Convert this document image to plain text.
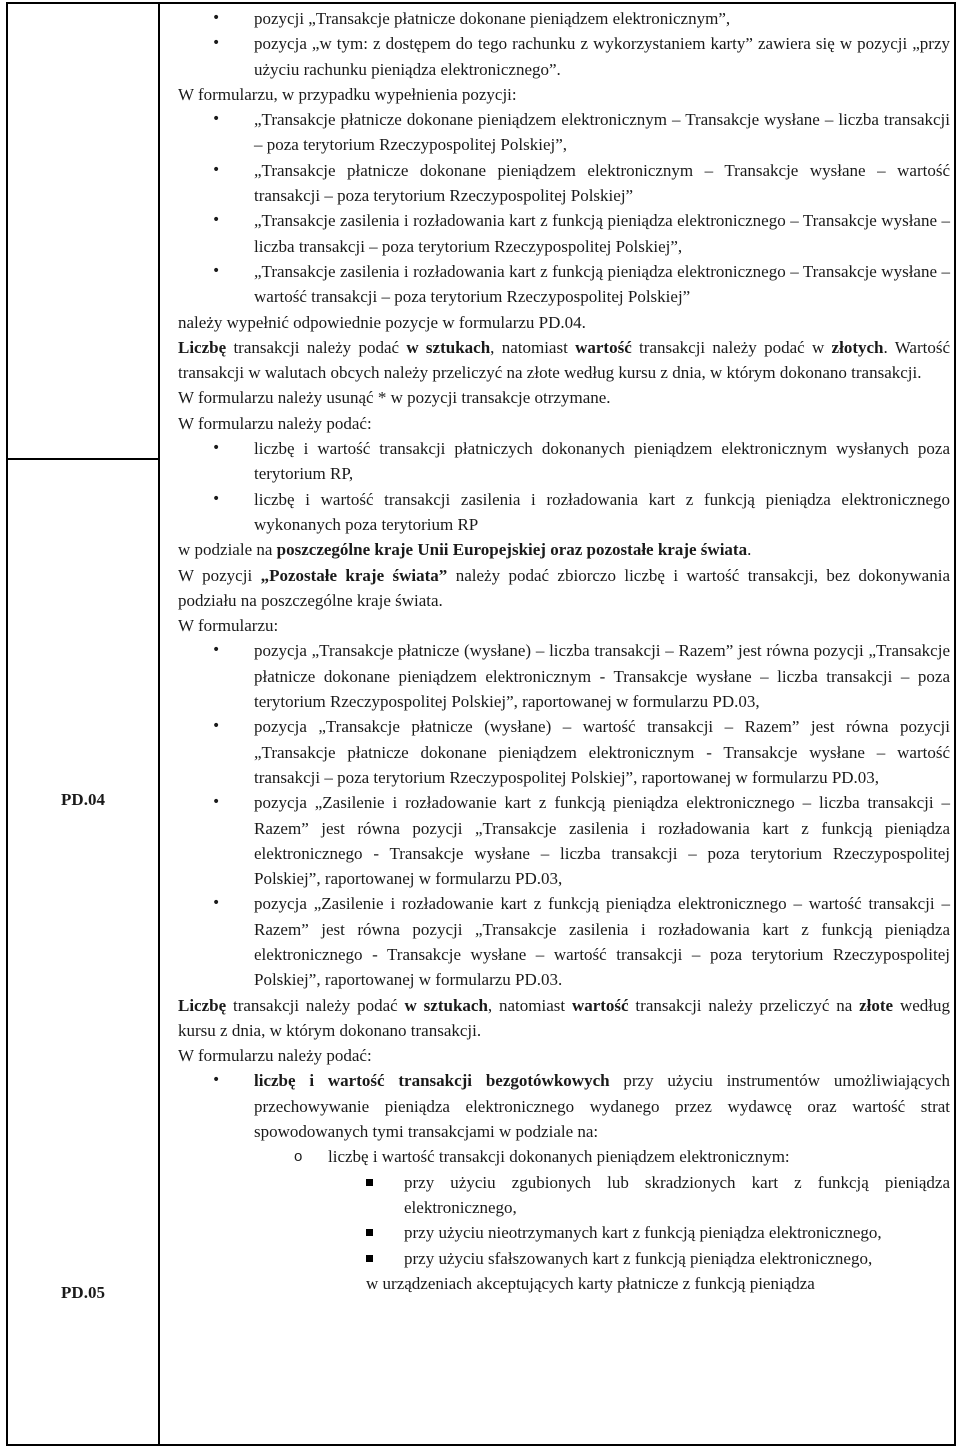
PD.04
PD.05

• pozycji „Transakcje płatnicze dokonane pieniądzem elektronicznym”,

• pozycja „w tym: z dostępem do tego rachunku z wykorzystaniem karty” zawiera się w pozycji „przy użyciu rachunku pieniądza elektronicznego”.

W formularzu, w przypadku wypełnienia pozycji:

• „Transakcje płatnicze dokonane pieniądzem elektronicznym – Transakcje wysłane – liczba transakcji – poza terytorium Rzeczypospolitej Polskiej”,

• „Transakcje płatnicze dokonane pieniądzem elektronicznym – Transakcje wysłane – wartość transakcji – poza terytorium Rzeczypospolitej Polskiej”

• „Transakcje zasilenia i rozładowania kart z funkcją pieniądza elektronicznego – Transakcje wysłane – liczba transakcji – poza terytorium Rzeczypospolitej Polskiej”,

• „Transakcje zasilenia i rozładowania kart z funkcją pieniądza elektronicznego – Transakcje wysłane – wartość transakcji – poza terytorium Rzeczypospolitej Polskiej”

należy wypełnić odpowiednie pozycje w formularzu PD.04.

Liczbę transakcji należy podać w sztukach, natomiast wartość transakcji należy podać w złotych. Wartość transakcji w walutach obcych należy przeliczyć na złote według kursu z dnia, w którym dokonano transakcji.

W formularzu należy usunąć * w pozycji transakcje otrzymane.

W formularzu należy podać:

• liczbę i wartość transakcji płatniczych dokonanych pieniądzem elektronicznym wysłanych poza terytorium RP,

• liczbę i wartość transakcji zasilenia i rozładowania kart z funkcją pieniądza elektronicznego wykonanych poza terytorium RP

w podziale na poszczególne kraje Unii Europejskiej oraz pozostałe kraje świata.

W pozycji „Pozostałe kraje świata” należy podać zbiorczo liczbę i wartość transakcji, bez dokonywania podziału na poszczególne kraje świata.

W formularzu:

• pozycja „Transakcje płatnicze (wysłane) – liczba transakcji – Razem” jest równa pozycji „Transakcje płatnicze dokonane pieniądzem elektronicznym - Transakcje wysłane – liczba transakcji – poza terytorium Rzeczypospolitej Polskiej”, raportowanej w formularzu PD.03,

• pozycja „Transakcje płatnicze (wysłane) – wartość transakcji – Razem” jest równa pozycji „Transakcje płatnicze dokonane pieniądzem elektronicznym - Transakcje wysłane – wartość transakcji – poza terytorium Rzeczypospolitej Polskiej”, raportowanej w formularzu PD.03,

• pozycja „Zasilenie i rozładowanie kart z funkcją pieniądza elektronicznego – liczba transakcji – Razem” jest równa pozycji „Transakcje zasilenia i rozładowania kart z funkcją pieniądza elektronicznego - Transakcje wysłane – liczba transakcji – poza terytorium Rzeczypospolitej Polskiej”, raportowanej w formularzu PD.03,

• pozycja „Zasilenie i rozładowanie kart z funkcją pieniądza elektronicznego – wartość transakcji – Razem” jest równa pozycji „Transakcje zasilenia i rozładowania kart z funkcją pieniądza elektronicznego - Transakcje wysłane – wartość transakcji – poza terytorium Rzeczypospolitej Polskiej”, raportowanej w formularzu PD.03.

Liczbę transakcji należy podać w sztukach, natomiast wartość transakcji należy przeliczyć na złote według kursu z dnia, w którym dokonano transakcji.

W formularzu należy podać:

• liczbę i wartość transakcji bezgotówkowych przy użyciu instrumentów umożliwiających przechowywanie pieniądza elektronicznego wydanego przez wydawcę oraz wartość strat spowodowanych tymi transakcjami w podziale na:

o liczbę i wartość transakcji dokonanych pieniądzem elektronicznym:

przy użyciu zgubionych lub skradzionych kart z funkcją pieniądza elektronicznego,

przy użyciu nieotrzymanych kart z funkcją pieniądza elektronicznego,

przy użyciu sfałszowanych kart z funkcją pieniądza elektronicznego,

w urządzeniach akceptujących karty płatnicze z funkcją pieniądza
